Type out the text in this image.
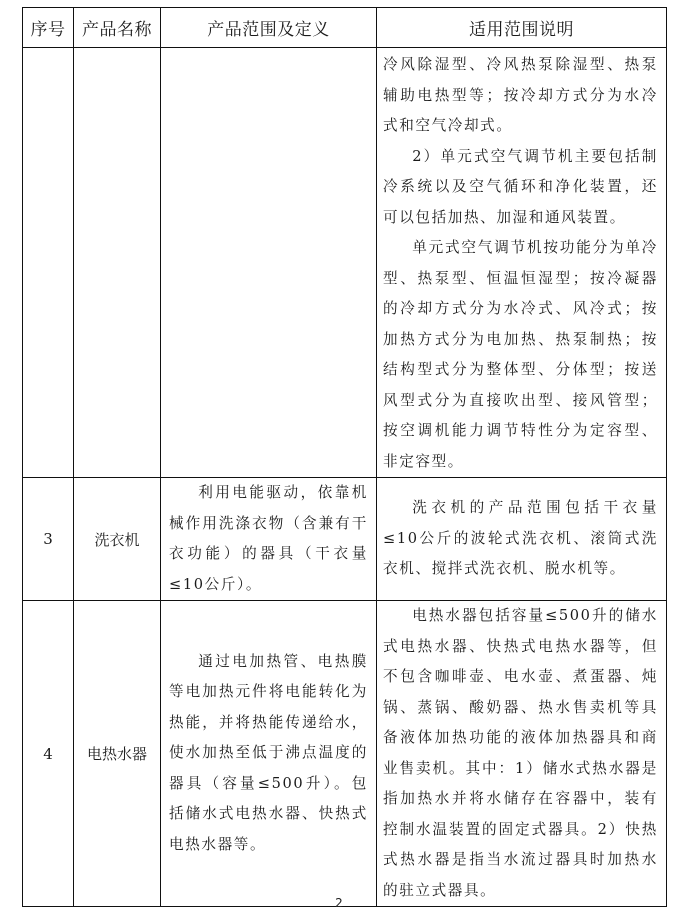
序号	产品名称	产品范围及定义	适用范围说明

			冷风除湿型、冷风热泵除湿型、热泵辅助电热型等；按冷却方式分为水冷式和空气冷却式。

2）单元式空气调节机主要包括制冷系统以及空气循环和净化装置，还可以包括加热、加湿和通风装置。

单元式空气调节机按功能分为单冷型、热泵型、恒温恒湿型；按冷凝器的冷却方式分为水冷式、风冷式；按加热方式分为电加热、热泵制热；按结构型式分为整体型、分体型；按送风型式分为直接吹出型、接风管型；按空调机能力调节特性分为定容型、非定容型。

3	洗衣机	利用电能驱动，依靠机械作用洗涤衣物（含兼有干衣功能）的器具（干衣量≤10公斤）。	洗衣机的产品范围包括干衣量≤10公斤的波轮式洗衣机、滚筒式洗衣机、搅拌式洗衣机、脱水机等。

4	电热水器	通过电加热管、电热膜等电加热元件将电能转化为热能，并将热能传递给水，使水加热至低于沸点温度的器具（容量≤500升）。包括储水式电热水器、快热式电热水器等。	电热水器包括容量≤500升的储水式电热水器、快热式电热水器等，但不包含咖啡壶、电水壶、煮蛋器、炖锅、蒸锅、酸奶器、热水售卖机等具备液体加热功能的液体加热器具和商业售卖机。其中：1）储水式热水器是指加热水并将水储存在容器中，装有控制水温装置的固定式器具。2）快热式热水器是指当水流过器具时加热水的驻立式器具。

2
